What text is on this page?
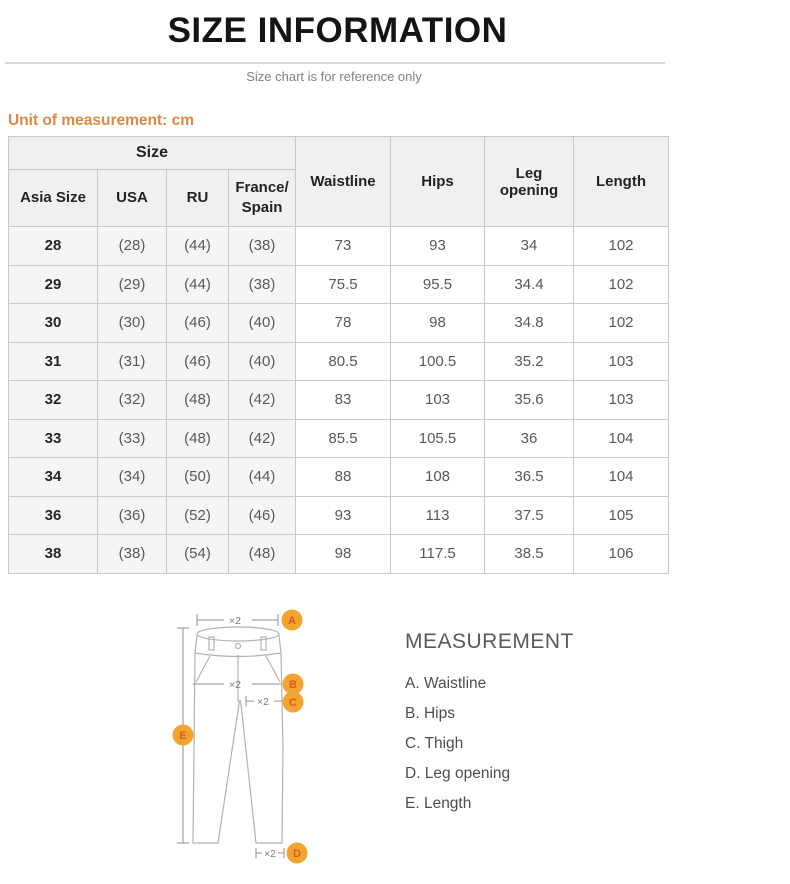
SIZE INFORMATION
Size chart is for reference only
Unit of measurement: cm
Size				Waistline	Hips	Leg opening	Length
Asia Size	USA	RU	France/ Spain				
28	(28)	(44)	(38)	73	93	34	102
29	(29)	(44)	(38)	75.5	95.5	34.4	102
30	(30)	(46)	(40)	78	98	34.8	102
31	(31)	(46)	(40)	80.5	100.5	35.2	103
32	(32)	(48)	(42)	83	103	35.6	103
33	(33)	(48)	(42)	85.5	105.5	36	104
34	(34)	(50)	(44)	88	108	36.5	104
36	(36)	(52)	(46)	93	113	37.5	105
38	(38)	(54)	(48)	98	117.5	38.5	106
×2
×2
×2
×2
A
B
C
D
E
MEASUREMENT
A. Waistline
B. Hips
C. Thigh
D. Leg opening
E. Length
